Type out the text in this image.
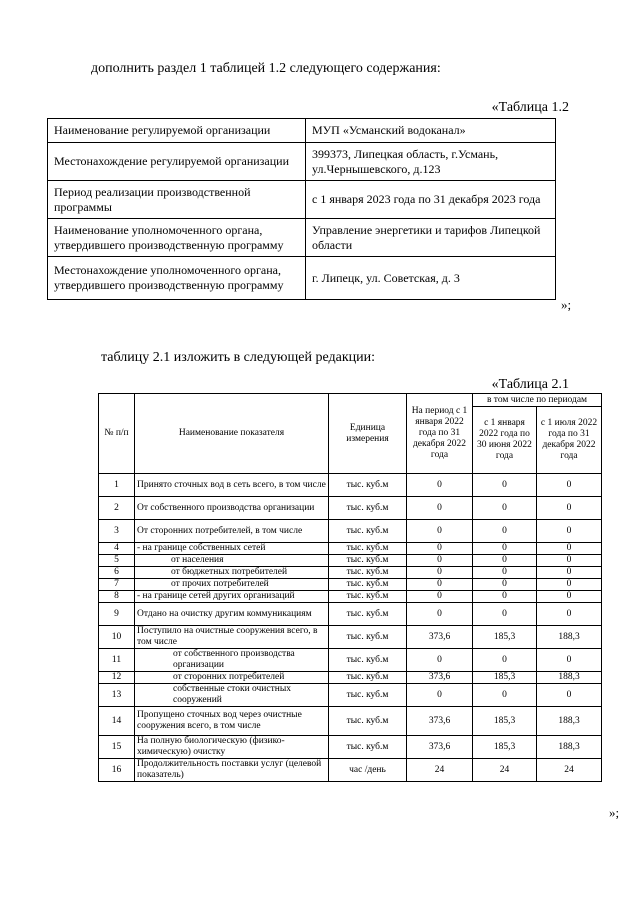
дополнить раздел 1 таблицей 1.2 следующего содержания:
«Таблица 1.2
Наименование регулируемой организации	МУП «Усманский водоканал»
Местонахождение регулируемой организации	399373, Липецкая область, г.Усмань, ул.Чернышевского, д.123
Период реализации производственной программы	с 1 января 2023 года по 31 декабря 2023 года
Наименование уполномоченного органа, утвердившего производственную программу	Управление энергетики и тарифов Липецкой области
Местонахождение уполномоченного органа, утвердившего производственную программу	г. Липецк, ул. Советская, д. 3
»;
таблицу 2.1 изложить в следующей редакции:
«Таблица 2.1
№ п/п	Наименование показателя	Единица измерения	На период с 1 января 2022 года по 31 декабря 2022 года	в том числе по периодам	
				с 1 января 2022 года по 30 июня 2022 года	с 1 июля 2022 года по 31 декабря 2022 года
1	Принято сточных вод в сеть всего, в том числе	тыс. куб.м	0	0	0
2	От собственного производства организации	тыс. куб.м	0	0	0
3	От сторонних потребителей, в том числе	тыс. куб.м	0	0	0
4	- на границе собственных сетей	тыс. куб.м	0	0	0
5	от населения	тыс. куб.м	0	0	0
6	от бюджетных потребителей	тыс. куб.м	0	0	0
7	от прочих потребителей	тыс. куб.м	0	0	0
8	- на границе сетей других организаций	тыс. куб.м	0	0	0
9	Отдано на очистку другим коммуникациям	тыс. куб.м	0	0	0
10	Поступило на очистные сооружения всего, в том числе	тыс. куб.м	373,6	185,3	188,3
11	от собственного производства организации	тыс. куб.м	0	0	0
12	от сторонних потребителей	тыс. куб.м	373,6	185,3	188,3
13	собственные стоки очистных сооружений	тыс. куб.м	0	0	0
14	Пропущено сточных вод через очистные сооружения всего, в том числе	тыс. куб.м	373,6	185,3	188,3
15	На полную биологическую (физико-химическую) очистку	тыс. куб.м	373,6	185,3	188,3
16	Продолжительность поставки услуг (целевой показатель)	час /день	24	24	24
»;
